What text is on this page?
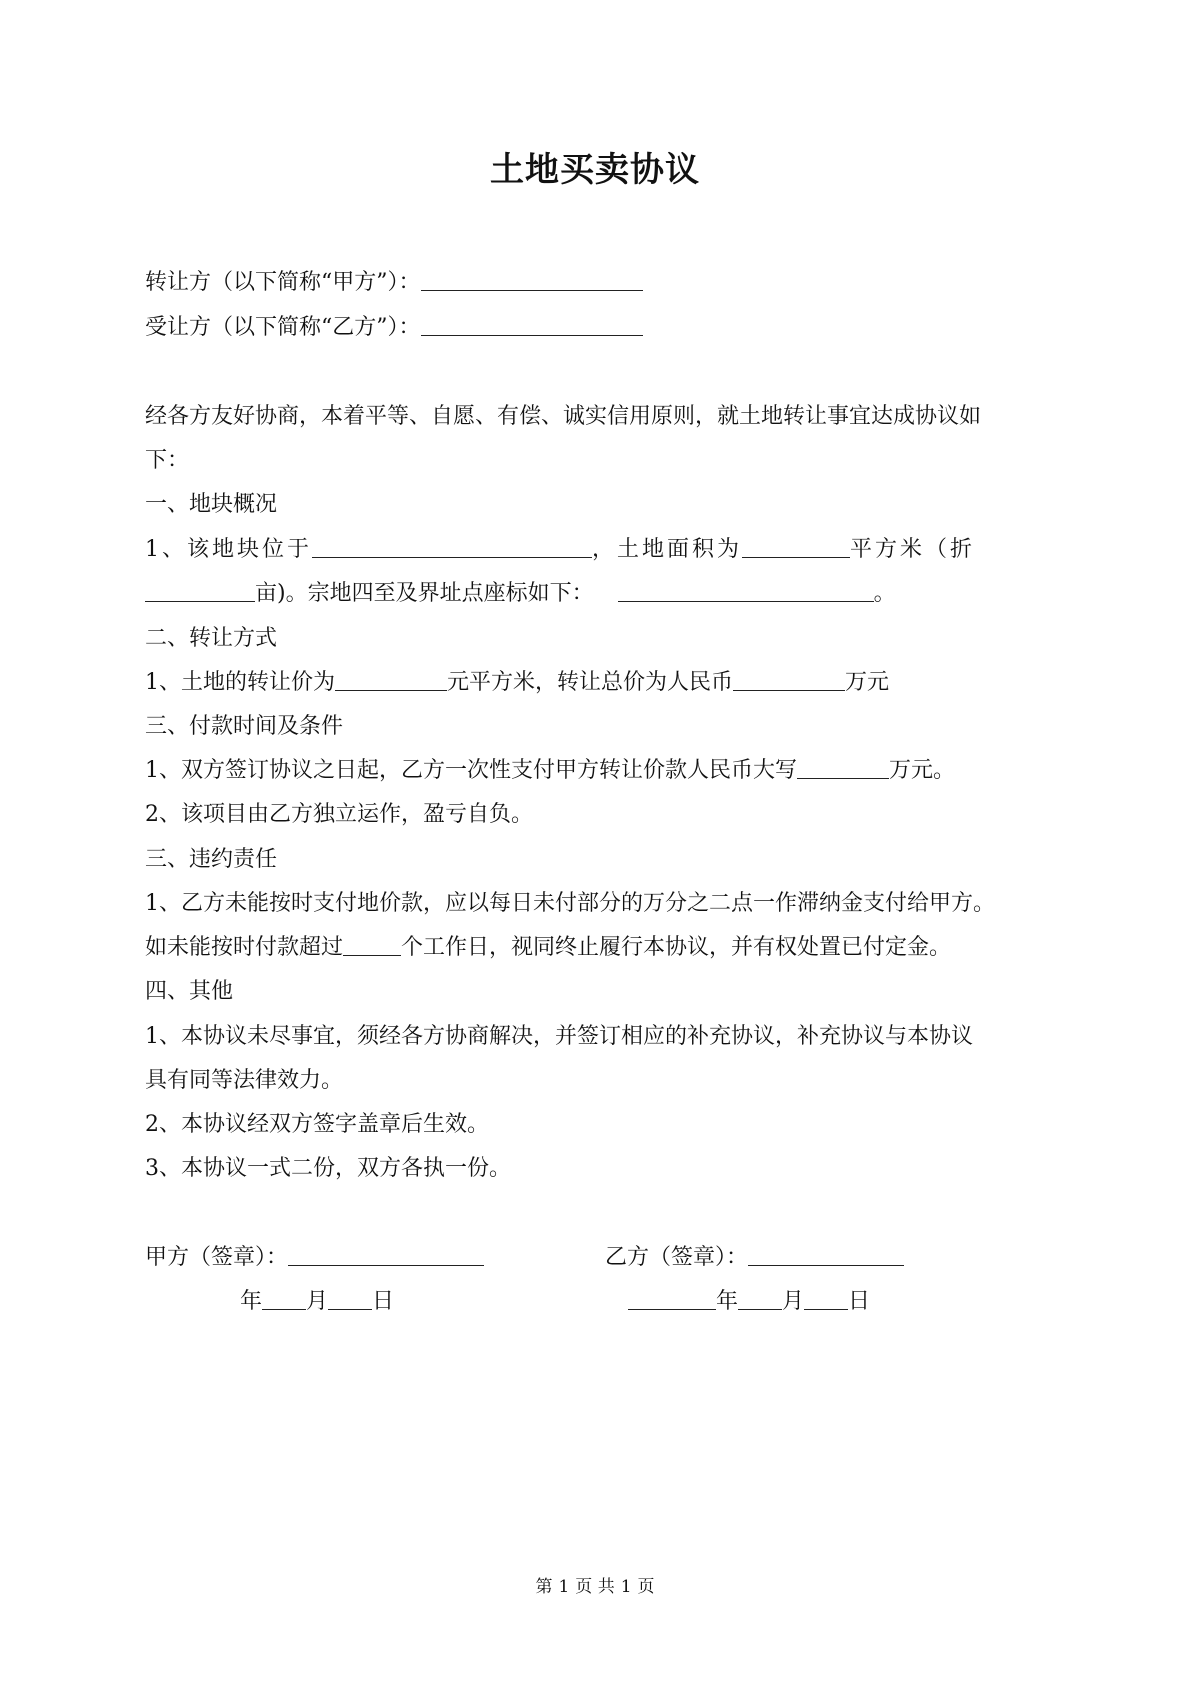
土地买卖协议
转让方（以下简称“甲方”）：
受让方（以下简称“乙方”）：
经各方友好协商，本着平等、自愿、有偿、诚实信用原则，就土地转让事宜达成协议如
下：
一、地块概况
1、该地块位于	，土地面积为	平方米（折
亩)。宗地四至及界址点座标如下：	。
二、转让方式
1、土地的转让价为	元平方米，转让总价为人民币	万元
三、付款时间及条件
1、双方签订协议之日起，乙方一次性支付甲方转让价款人民币大写	万元。
2、该项目由乙方独立运作，盈亏自负。
三、违约责任
1、乙方未能按时支付地价款，应以每日未付部分的万分之二点一作滞纳金支付给甲方。
如未能按时付款超过	个工作日，视同终止履行本协议，并有权处置已付定金。
四、其他
1、本协议未尽事宜，须经各方协商解决，并签订相应的补充协议，补充协议与本协议
具有同等法律效力。
2、本协议经双方签字盖章后生效。
3、本协议一式二份，双方各执一份。
甲方（签章）：	乙方（签章）：
年 月 日	年 月 日
第 1 页 共 1 页
